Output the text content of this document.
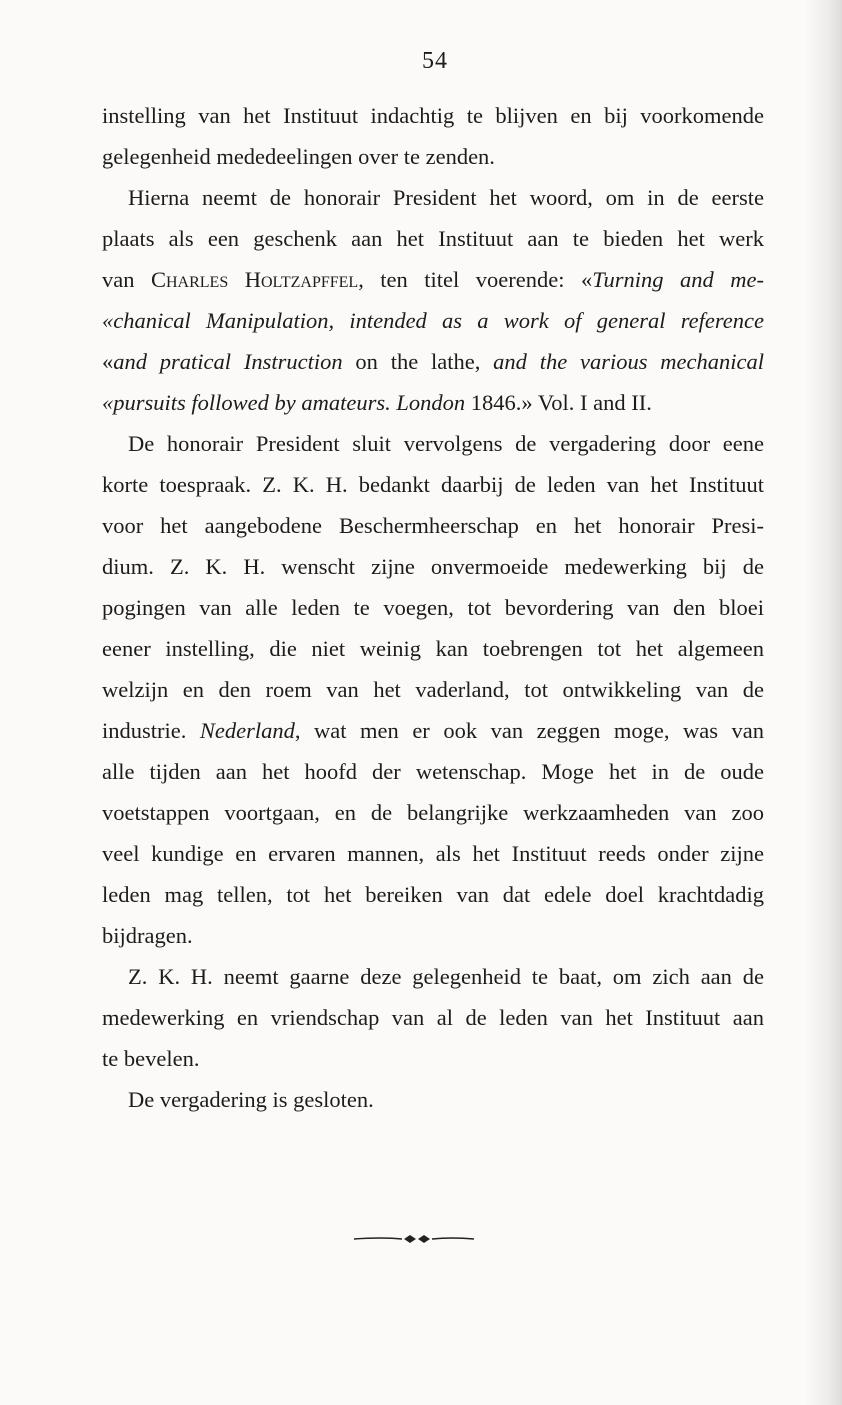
54

instelling van het Instituut indachtig te blijven en bij voorkomende
gelegenheid mededeelingen over te zenden.

Hierna neemt de honorair President het woord, om in de eerste
plaats als een geschenk aan het Instituut aan te bieden het werk
van Charles Holtzapffel, ten titel voerende: «Turning and me-
«chanical Manipulation, intended as a work of general reference
«and pratical Instruction on the lathe, and the various mechanical
«pursuits followed by amateurs. London 1846.» Vol. I and II.

De honorair President sluit vervolgens de vergadering door eene
korte toespraak. Z. K. H. bedankt daarbij de leden van het Instituut
voor het aangebodene Beschermheerschap en het honorair Presi-
dium. Z. K. H. wenscht zijne onvermoeide medewerking bij de
pogingen van alle leden te voegen, tot bevordering van den bloei
eener instelling, die niet weinig kan toebrengen tot het algemeen
welzijn en den roem van het vaderland, tot ontwikkeling van de
industrie. Nederland, wat men er ook van zeggen moge, was van
alle tijden aan het hoofd der wetenschap. Moge het in de oude
voetstappen voortgaan, en de belangrijke werkzaamheden van zoo
veel kundige en ervaren mannen, als het Instituut reeds onder zijne
leden mag tellen, tot het bereiken van dat edele doel krachtdadig
bijdragen.

Z. K. H. neemt gaarne deze gelegenheid te baat, om zich aan de
medewerking en vriendschap van al de leden van het Instituut aan
te bevelen.

De vergadering is gesloten.
